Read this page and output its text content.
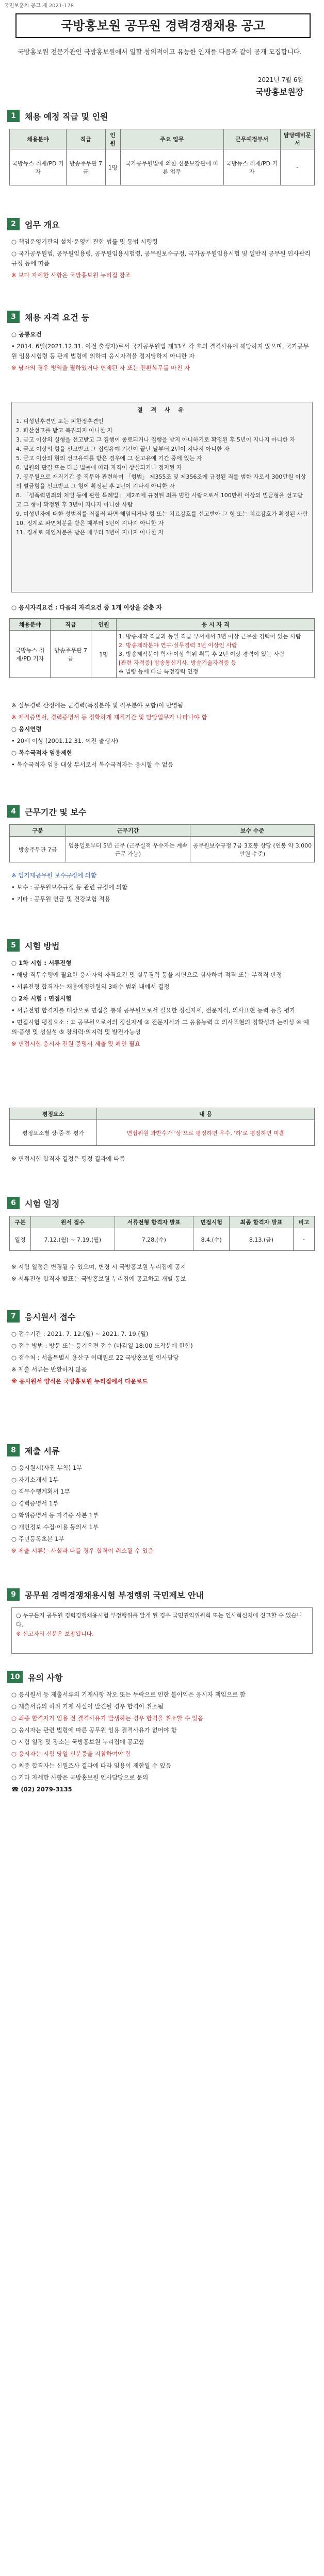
국민보훈처 공고 제 2021-178
국방홍보원 공무원 경력경쟁채용 공고
국방홍보원 전문가관인 국방홍보원에서 일할 창의적이고 유능한 인재를 다음과 같이 공개 모집합니다.
2021년 7월 6일
국방홍보원장
1	채용 예정 직급 및 인원
채용분야	직급	인원	주요 업무	근무예정부서	담당예비문서
국방뉴스 취재/PD 기자	방송주무관 7급	1명	국가공무원법에 의한 신분보장관에 따른 업무	국방뉴스 취재/PD 기자	-
2	업무 개요

○ 책임운영기관의 설치·운영에 관한 법률 및 동법 시행령

○ 국가공무원법, 공무원임용령, 공무원임용시험령, 공무원보수규정, 국가공무원임용시험 및 일반직 공무원 인사관리규정 등에 따름

※ 보다 자세한 사항은 국방홍보원 누리집 참조

3	채용 자격 요건 등

○ 공통요건

• 2014. 6일(2021.12.31. 이전 출생자)로서 국가공무원법 제33조 각 호의 결격사유에 해당하지 않으며, 국가공무원 임용시험령 등 관계 법령에 의하여 응시자격을 정지당하지 아니한 자

※ 남자의 경우 병역을 필하였거나 면제된 자 또는 전환복무를 마친 자

결 격 사 유
1. 피성년후견인 또는 피한정후견인
2. 파산선고를 받고 복권되지 아니한 자
3. 금고 이상의 실형을 선고받고 그 집행이 종료되거나 집행을 받지 아니하기로 확정된 후 5년이 지나지 아니한 자
4. 금고 이상의 형을 선고받고 그 집행유예 기간이 끝난 날부터 2년이 지나지 아니한 자
5. 금고 이상의 형의 선고유예를 받은 경우에 그 선고유예 기간 중에 있는 자
6. 법원의 판결 또는 다른 법률에 따라 자격이 상실되거나 정지된 자
7. 공무원으로 재직기간 중 직무와 관련하여 「형법」 제355조 및 제356조에 규정된 죄를 범한 자로서 300만원 이상의 벌금형을 선고받고 그 형이 확정된 후 2년이 지나지 아니한 자
8. 「성폭력범죄의 처벌 등에 관한 특례법」 제2조에 규정된 죄를 범한 사람으로서 100만원 이상의 벌금형을 선고받고 그 형이 확정된 후 3년이 지나지 아니한 사람
9. 미성년자에 대한 성범죄를 저질러 파면·해임되거나 형 또는 치료감호를 선고받아 그 형 또는 치료감호가 확정된 사람
10. 징계로 파면처분을 받은 때부터 5년이 지나지 아니한 자
11. 징계로 해임처분을 받은 때부터 3년이 지나지 아니한 자

○ 응시자격요건 : 다음의 자격요건 중 1개 이상을 갖춘 자

채용분야	직급	인원	응 시 자 격
국방뉴스 취재/PD 기자	방송주무관 7급	1명	1. 방송제작 직급과 동일 직급 부서에서 3년 이상 근무한 경력이 있는 사람
2. 방송제작분야 연구·실무경력 3년 이상인 사람
3. 방송제작분야 학사 이상 학위 취득 후 2년 이상 경력이 있는 사람
[관련 자격증] 방송통신기사, 방송기술자격증 등
※ 법령 등에 따른 특정경력 인정

※ 실무경력 산정에는 군경력(특정분야 및 직무분야 포함)이 반영됨

※ 재직증명서, 경력증명서 등 정확하게 재직기간 및 담당업무가 나타나야 함

○ 응시연령

• 20세 이상 (2001.12.31. 이전 출생자)

○ 복수국적자 임용제한

• 복수국적자 임용 대상 부서로서 복수국적자는 응시할 수 없음

4	근무기간 및 보수
구분	근무기간	보수 수준
방송주무관 7급	임용일로부터 5년 근무 (근무실적 우수자는 계속 근무 가능)	공무원보수규정 7급 3호봉 상당 (연봉 약 3,000만원 수준)

※ 임기제공무원 보수규정에 의함

• 보수 : 공무원보수규정 등 관련 규정에 의함

• 기타 : 공무원 연금 및 건강보험 적용

5	시험 방법

○ 1차 시험 : 서류전형

• 해당 직무수행에 필요한 응시자의 자격요건 및 실무경력 등을 서면으로 심사하여 적격 또는 부적격 판정

• 서류전형 합격자는 채용예정인원의 3배수 범위 내에서 결정

○ 2차 시험 : 면접시험

• 서류전형 합격자를 대상으로 면접을 통해 공무원으로서 필요한 정신자세, 전문지식, 의사표현 능력 등을 평가

• 면접시험 평정요소 : ① 공무원으로서의 정신자세 ② 전문지식과 그 응용능력 ③ 의사표현의 정확성과 논리성 ④ 예의·품행 및 성실성 ⑤ 창의력·의지력 및 발전가능성

※ 면접시험 응시자 전원 증명서 제출 및 확인 필요

평정요소	내 용
평정요소별 상·중·하 평가	면접위원 과반수가 '상'으로 평정하면 우수, '하'로 평정하면 미흡

※ 면접시험 합격자 결정은 평정 결과에 따름

6	시험 일정
구분	원서 접수	서류전형 합격자 발표	면접시험	최종 합격자 발표	비고
일정	7.12.(월) ~ 7.19.(월)	7.28.(수)	8.4.(수)	8.13.(금)	-

※ 시험 일정은 변경될 수 있으며, 변경 시 국방홍보원 누리집에 공지

※ 서류전형 합격자 발표는 국방홍보원 누리집에 공고하고 개별 통보

7	응시원서 접수

○ 접수기간 : 2021. 7. 12.(월) ~ 2021. 7. 19.(월)

○ 접수 방법 : 방문 또는 등기우편 접수 (마감일 18:00 도착분에 한함)

○ 접수처 : 서울특별시 용산구 이태원로 22 국방홍보원 인사담당

※ 제출 서류는 반환하지 않음

※ 응시원서 양식은 국방홍보원 누리집에서 다운로드

8	제출 서류

○ 응시원서(사진 부착) 1부

○ 자기소개서 1부

○ 직무수행계획서 1부

○ 경력증명서 1부

○ 학위증명서 등 자격증 사본 1부

○ 개인정보 수집·이용 동의서 1부

○ 주민등록초본 1부

※ 제출 서류는 사실과 다를 경우 합격이 취소될 수 있음

9	공무원 경력경쟁채용시험 부정행위 국민제보 안내
○ 누구든지 공무원 경력경쟁채용시험 부정행위를 알게 된 경우 국민권익위원회 또는 인사혁신처에 신고할 수 있습니다.
※ 신고자의 신분은 보장됩니다.
10 유의 사항

○ 응시원서 등 제출서류의 기재사항 착오 또는 누락으로 인한 불이익은 응시자 책임으로 함

○ 제출서류의 허위 기재 사실이 발견될 경우 합격이 취소됨

○ 최종 합격자가 임용 전 결격사유가 발생하는 경우 합격을 취소할 수 있음

○ 응시자는 관련 법령에 따른 공무원 임용 결격사유가 없어야 함

○ 시험 일정 및 장소는 국방홍보원 누리집에 공고함

○ 응시자는 시험 당일 신분증을 지참하여야 함

○ 최종 합격자는 신원조사 결과에 따라 임용이 제한될 수 있음

○ 기타 자세한 사항은 국방홍보원 인사담당으로 문의

☎ (02) 2079-3135
